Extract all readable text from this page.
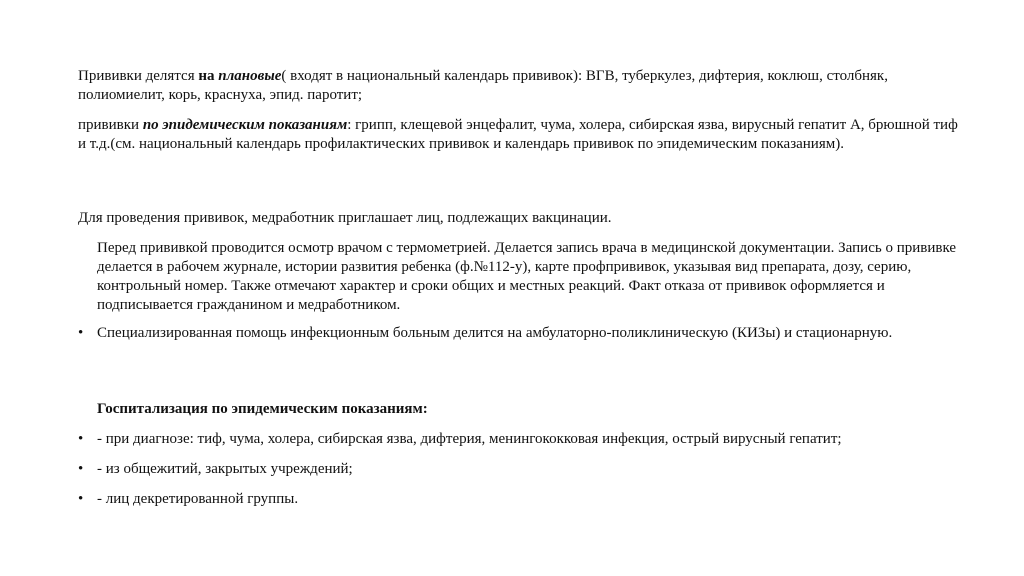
Прививки делятся на плановые( входят в национальный календарь прививок): ВГВ, туберкулез, дифтерия, коклюш, столбняк, полиомиелит, корь, краснуха, эпид. паротит;

прививки по эпидемическим показаниям: грипп, клещевой энцефалит, чума, холера, сибирская язва, вирусный гепатит А, брюшной тиф и т.д.(см. национальный календарь профилактических прививок и календарь прививок по эпидемическим показаниям).

Для проведения прививок, медработник приглашает лиц, подлежащих вакцинации.

Перед прививкой проводится осмотр врачом с термометрией. Делается запись врача в медицинской документации. Запись о прививке делается в рабочем журнале, истории развития ребенка (ф.№112-у), карте профпрививок, указывая вид препарата, дозу, серию, контрольный номер. Также отмечают характер и сроки общих и местных реакций. Факт отказа от прививок оформляется и подписывается гражданином и медработником.

• Специализированная помощь инфекционным больным делится на амбулаторно-поликлиническую (КИЗы) и стационарную.

Госпитализация по эпидемическим показаниям:

• - при диагнозе: тиф, чума, холера, сибирская язва, дифтерия, менингококковая инфекция, острый вирусный гепатит;

• - из общежитий, закрытых учреждений;

• - лиц декретированной группы.
